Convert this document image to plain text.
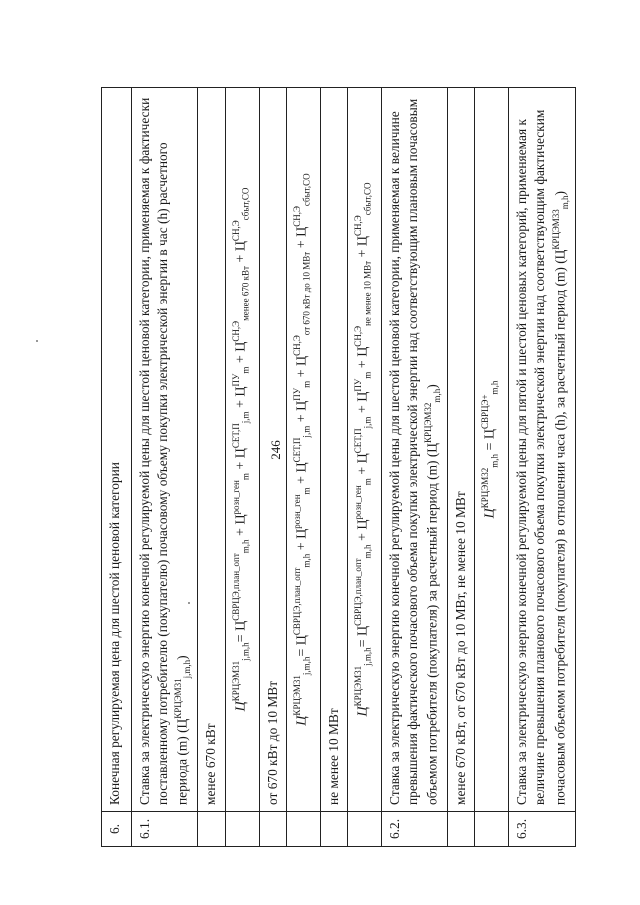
246
6.	Конечная регулируемая цена для шестой ценовой категории
6.1.	Ставка за электрическую энергию конечной регулируемой цены для шестой ценовой категории, применяемая к фактически поставленному потребителю (покупателю) почасовому объему покупки электрической энергии в час (h) расчетного периода (m) $(Ц^{КРЦЭМ31}_{j,m,h})$
	менее 670 кВт
	$Ц^{КРЦЭМ31}_{j,m,h}= Ц^{СВРЦЭ,план\_опт}_{m,h} + Ц^{розн\_ген}_m + Ц^{СЕТ,П}_{j,m} + Ц^{ПУ}_m + Ц^{СН,Э}_{менее 670 кВт} + Ц^{СН,Э}_{сбыт,СО}$
	от 670 кВт до 10 МВт
	$Ц^{КРЦЭМ31}_{j,m,h}= Ц^{СВРЦЭ,план\_опт}_{m,h} + Ц^{розн\_ген}_m + Ц^{СЕТ,П}_{j,m} + Ц^{ПУ}_m + Ц^{СН,Э}_{от 670 кВт до 10 МВт} + Ц^{СН,Э}_{сбыт,СО}$
	не менее 10 МВт
	$Ц^{КРЦЭМ31}_{j,m,h}= Ц^{СВРЦЭ,план\_опт}_{m,h} + Ц^{розн\_ген}_m + Ц^{СЕТ,П}_{j,m} + Ц^{ПУ}_m + Ц^{СН,Э}_{не менее 10 МВт} + Ц^{СН,Э}_{сбыт,СО}$
6.2.	Ставка за электрическую энергию конечной регулируемой цены для шестой ценовой категории, применяемая к величине превышения фактического почасового объема покупки электрической энергии над соответствующим плановым почасовым объемом потребителя (покупателя) за расчетный период (m) $(Ц^{КРЦЭМ32}_{m,h})$
	менее 670 кВт, от 670 кВт до 10 МВт, не менее 10 МВт
	$Ц^{КРЦЭМ32}_{m,h} = Ц^{СВРЦЭ+}_{m,h}$
6.3.	Ставка за электрическую энергию конечной регулируемой цены для пятой и шестой ценовых категорий, применяемая к величине превышения планового почасового объема покупки электрической энергии над соответствующим фактическим почасовым объемом потребителя (покупателя) в отношении часа (h), за расчетный период (m) $(Ц^{КРЦЭМ33}_{m,h})$
